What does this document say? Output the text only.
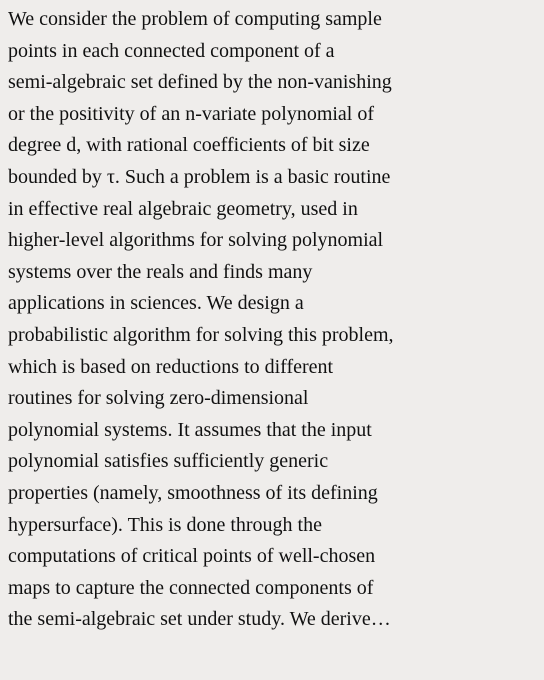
We consider the problem of computing sample
points in each connected component of a
semi-algebraic set defined by the non-vanishing
or the positivity of an n-variate polynomial of
degree d, with rational coefficients of bit size
bounded by τ. Such a problem is a basic routine
in effective real algebraic geometry, used in
higher-level algorithms for solving polynomial
systems over the reals and finds many
applications in sciences. We design a
probabilistic algorithm for solving this problem,
which is based on reductions to different
routines for solving zero-dimensional
polynomial systems. It assumes that the input
polynomial satisfies sufficiently generic
properties (namely, smoothness of its defining
hypersurface). This is done through the
computations of critical points of well-chosen
maps to capture the connected components of
the semi-algebraic set under study. We derive…
